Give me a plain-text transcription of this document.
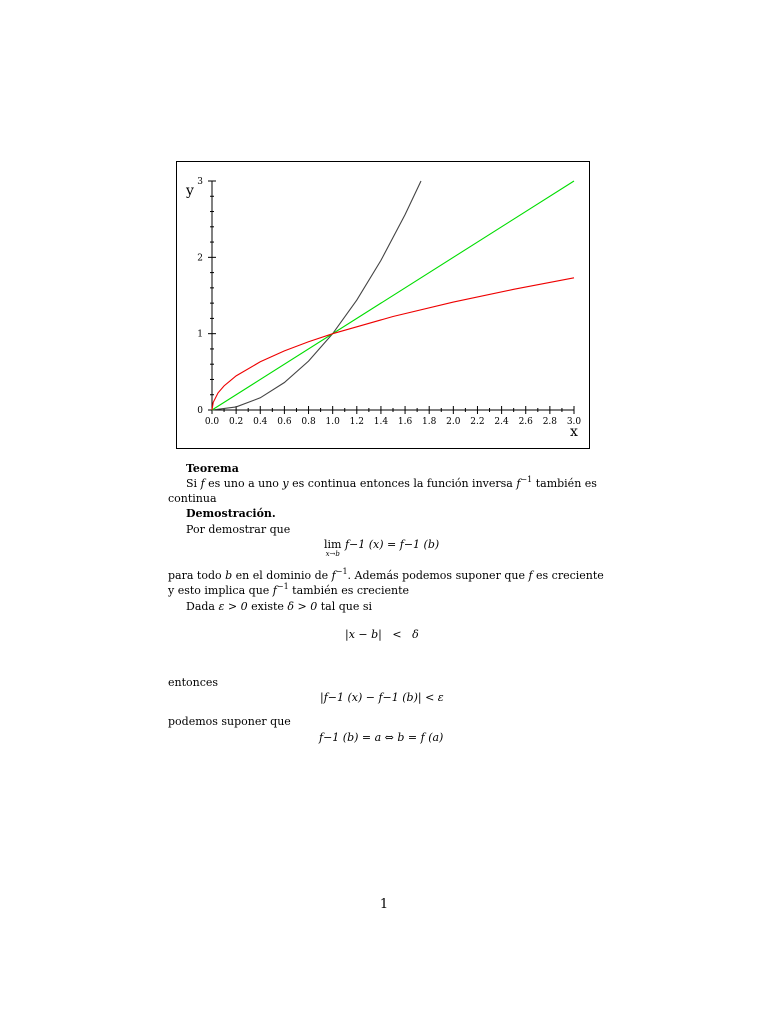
0.0 0.2 0.4 0.6 0.8 1.0 1.2 1.4 1.6 1.8 2.0 2.2 2.4 2.6 2.8 3.0
0
1
2
3
x
y
Teorema
Si f es uno a uno y es continua entonces la función inversa $f^{-1}$ también es
continua
Demostración.
Por demostrar que
lim
x→b
f−1 (x) = f−1 (b)
para todo b en el dominio de $f^{-1}$. Además podemos suponer que f es creciente
y esto implica que $f^{-1}$ también es creciente
Dada ε > 0 existe δ > 0 tal que si
|x − b|   <   δ
entonces
|f−1 (x) − f−1 (b)| < ε
podemos suponer que
f−1 (b) = a ⇔ b = f (a)
1
